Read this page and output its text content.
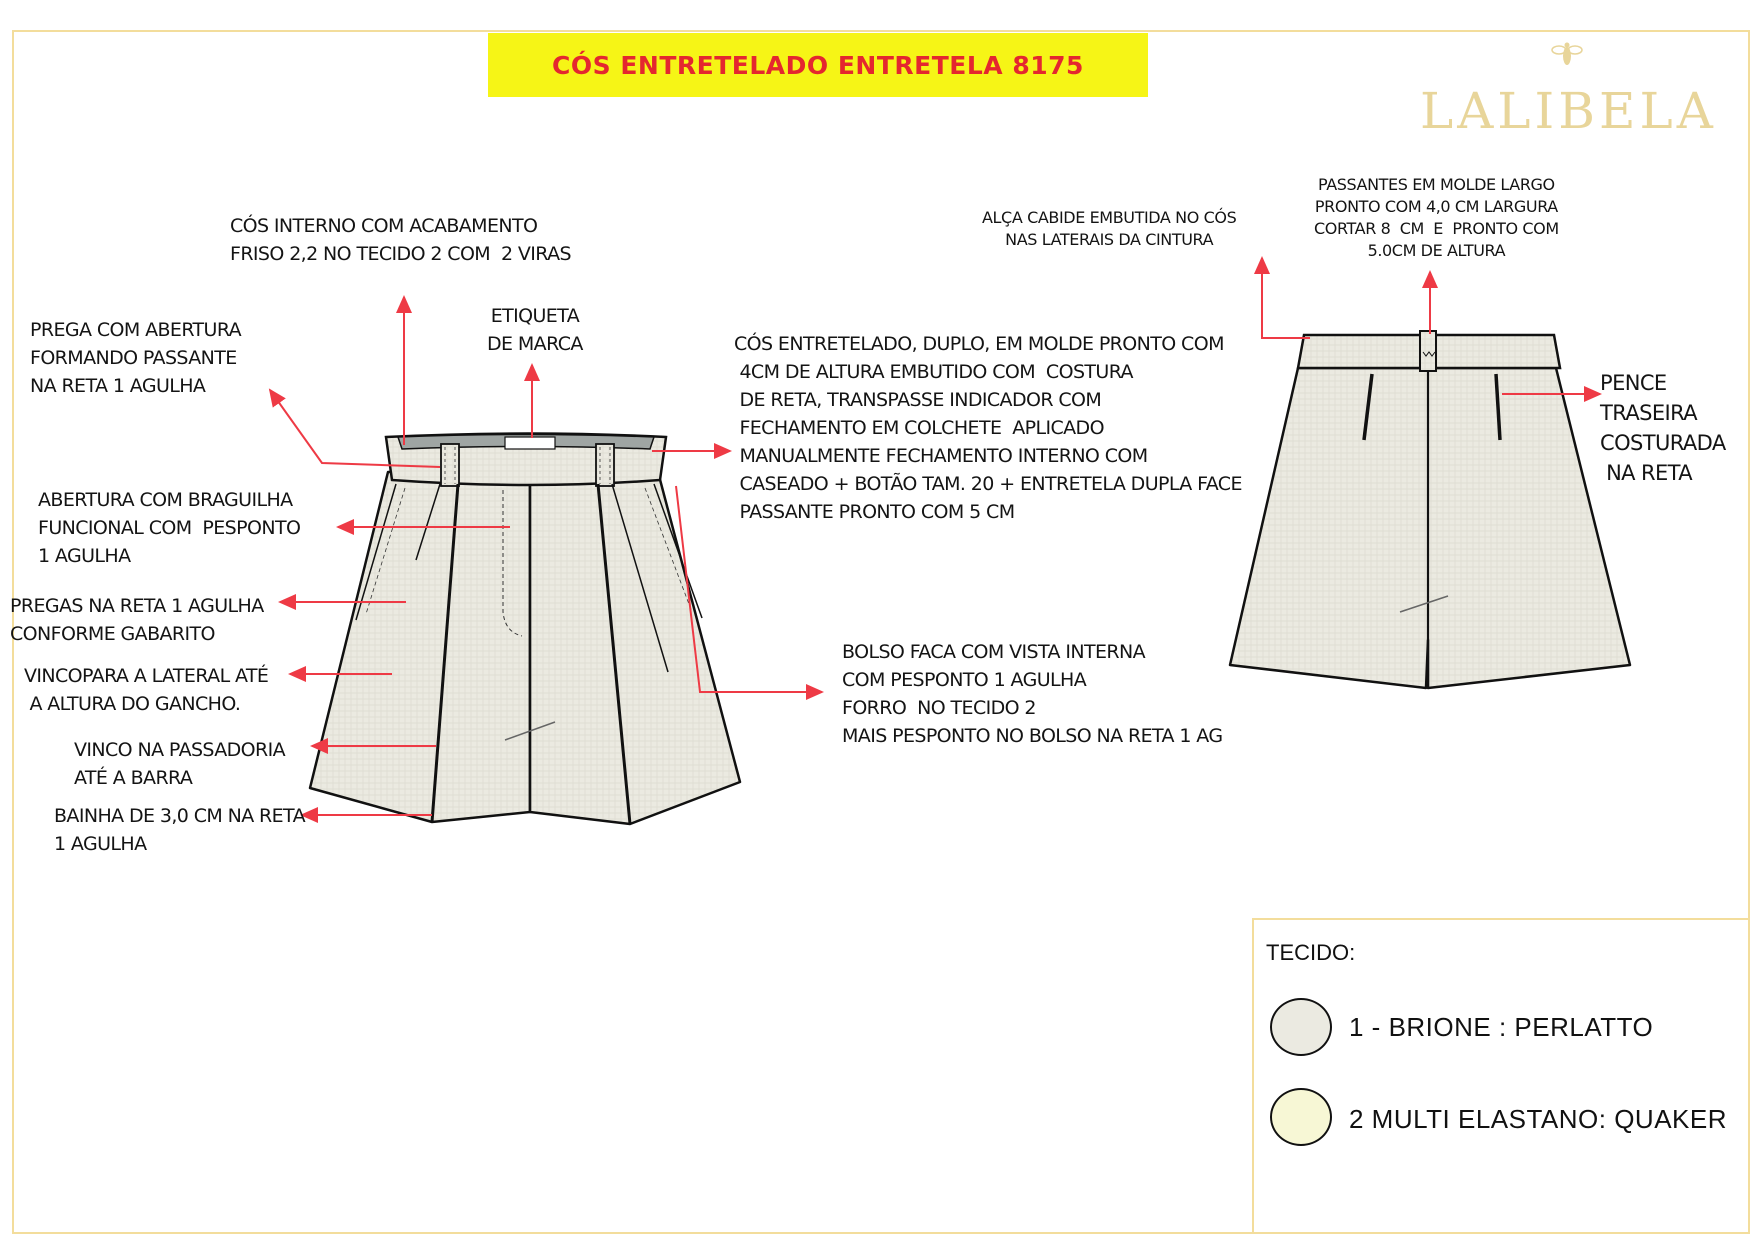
CÓS ENTRETELADO ENTRETELA 8175
LALIBELA
CÓS INTERNO COM ACABAMENTO
FRISO 2,2 NO TECIDO 2 COM  2 VIRAS
ETIQUETA
DE MARCA
PREGA COM ABERTURA
FORMANDO PASSANTE
NA RETA 1 AGULHA
ABERTURA COM BRAGUILHA
FUNCIONAL COM  PESPONTO
1 AGULHA
PREGAS NA RETA 1 AGULHA
CONFORME GABARITO
VINCOPARA A LATERAL ATÉ
A ALTURA DO GANCHO.
VINCO NA PASSADORIA
ATÉ A BARRA
BAINHA DE 3,0 CM NA RETA
1 AGULHA
CÓS ENTRETELADO, DUPLO, EM MOLDE PRONTO COM
4CM DE ALTURA EMBUTIDO COM  COSTURA
DE RETA, TRANSPASSE INDICADOR COM
FECHAMENTO EM COLCHETE  APLICADO
MANUALMENTE FECHAMENTO INTERNO COM
CASEADO + BOTÃO TAM. 20 + ENTRETELA DUPLA FACE
PASSANTE PRONTO COM 5 CM
BOLSO FACA COM VISTA INTERNA
COM PESPONTO 1 AGULHA
FORRO  NO TECIDO 2
MAIS PESPONTO NO BOLSO NA RETA 1 AG
ALÇA CABIDE EMBUTIDA NO CÓS
NAS LATERAIS DA CINTURA
PASSANTES EM MOLDE LARGO
PRONTO COM 4,0 CM LARGURA
CORTAR 8  CM  E  PRONTO COM
5.0CM DE ALTURA
PENCE
TRASEIRA
COSTURADA
NA RETA
TECIDO:
1 - BRIONE : PERLATTO
2 MULTI ELASTANO: QUAKER
